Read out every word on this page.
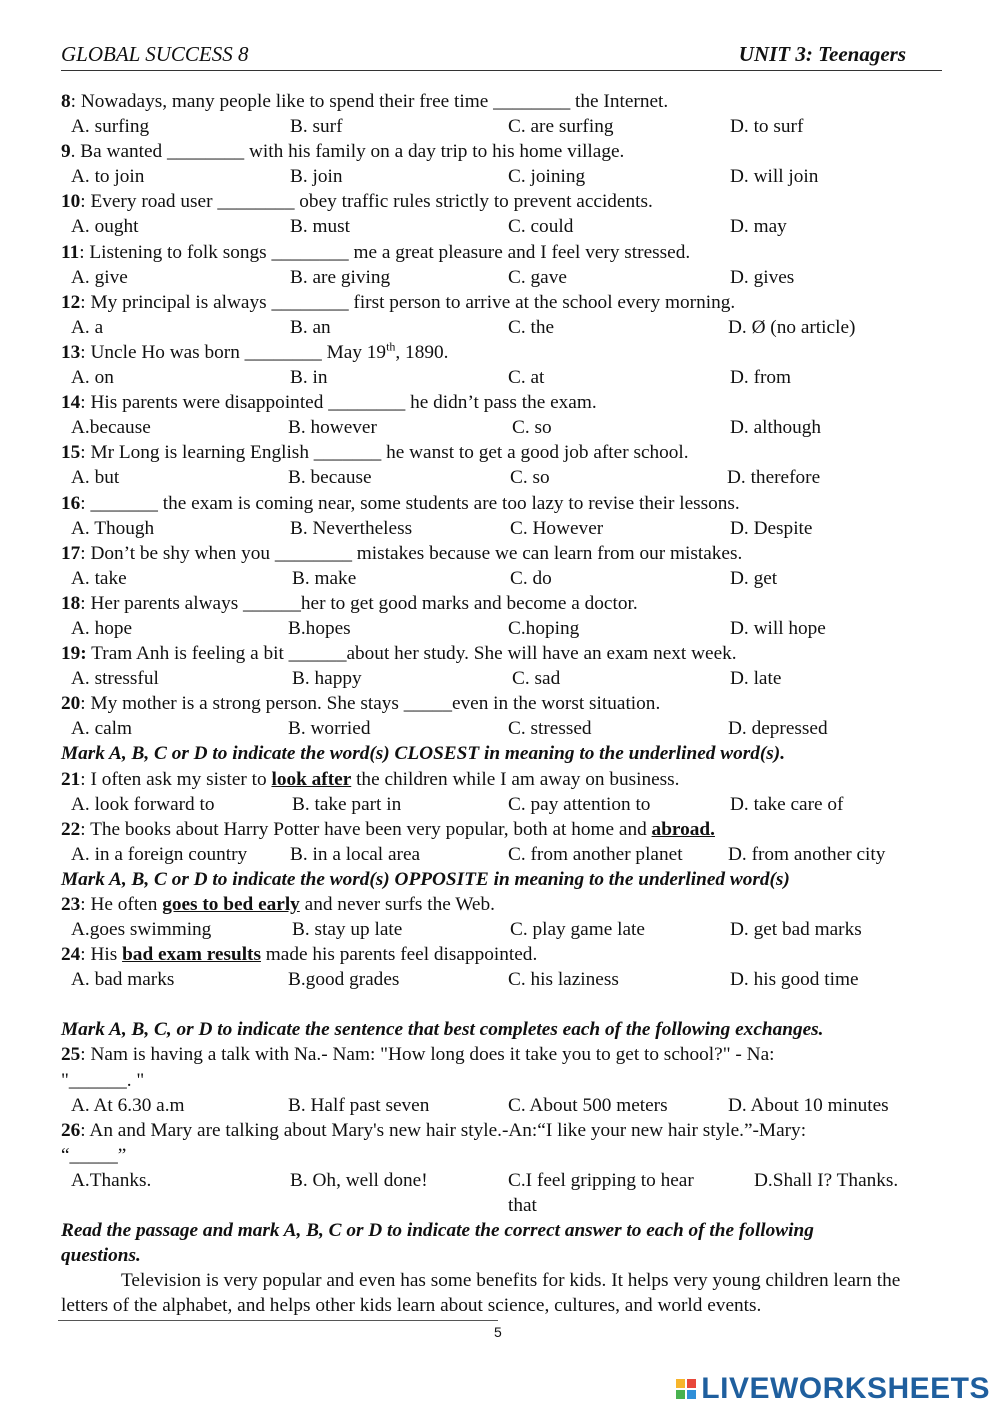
GLOBAL SUCCESS 8	UNIT 3: Teenagers
8: Nowadays, many people like to spend their free time ________ the Internet.
A. surfing	B. surf	C. are surfing	D. to surf
9. Ba wanted ________ with his family on a day trip to his home village.
A. to join	B. join	C. joining	D. will join
10: Every road user ________ obey traffic rules strictly to prevent accidents.
A. ought	B. must	C. could	D. may
11: Listening to folk songs ________ me a great pleasure and I feel very stressed.
A. give	B. are giving	C. gave	D. gives
12: My principal is always ________ first person to arrive at the school every morning.
A. a	B. an	C. the	D. Ø (no article)
13: Uncle Ho was born ________ May 19th, 1890.
A. on	B. in	C. at	D. from
14: His parents were disappointed ________ he didn’t pass the exam.
A.because	B. however	C. so	D. although
15: Mr Long is learning English _______ he wanst to get a good job after school.
A. but	B. because	C. so	D. therefore
16: _______ the exam is coming near, some students are too lazy to revise their lessons.
A. Though	B. Nevertheless	C. However	D. Despite
17: Don’t be shy when you ________ mistakes because we can learn from our mistakes.
A. take	B. make	C. do	D. get
18: Her parents always ______her to get good marks and become a doctor.
A. hope	B.hopes	C.hoping	D. will hope
19: Tram Anh is feeling a bit ______about her study. She will have an exam next week.
A. stressful	B. happy	C. sad	D. late
20: My mother is a strong person. She stays _____even in the worst situation.
A. calm	B. worried	C. stressed	D. depressed
Mark A, B, C or D to indicate the word(s) CLOSEST in meaning to the underlined word(s).
21: I often ask my sister to look after the children while I am away on business.
A. look forward to	B. take part in	C. pay attention to	D. take care of
22: The books about Harry Potter have been very popular, both at home and abroad.
A. in a foreign country B. in a local area	C. from another planet D. from another city
Mark A, B, C or D to indicate the word(s) OPPOSITE in meaning to the underlined word(s)
23: He often goes to bed early and never surfs the Web.
A.goes swimming	B. stay up late	C. play game late	D. get bad marks
24: His bad exam results made his parents feel disappointed.
A. bad marks	B.good grades	C. his laziness	D. his good time
Mark A, B, C, or D to indicate the sentence that best completes each of the following exchanges.
25: Nam is having a talk with Na.- Nam: "How long does it take you to get to school?" - Na:
"______. "
A. At 6.30 a.m	B. Half past seven	C. About 500 meters	D. About 10 minutes
26: An and Mary are talking about Mary's new hair style.-An:“I like your new hair style.”-Mary:
“_____”
A.Thanks.	B. Oh, well done!	C.I feel gripping to hear	D.Shall I? Thanks.
that
Read the passage and mark A, B, C or D to indicate the correct answer to each of the following
questions.
Television is very popular and even has some benefits for kids. It helps very young children learn the letters of the alphabet, and helps other kids learn about science, cultures, and world events.
5
LIVEWORKSHEETS
